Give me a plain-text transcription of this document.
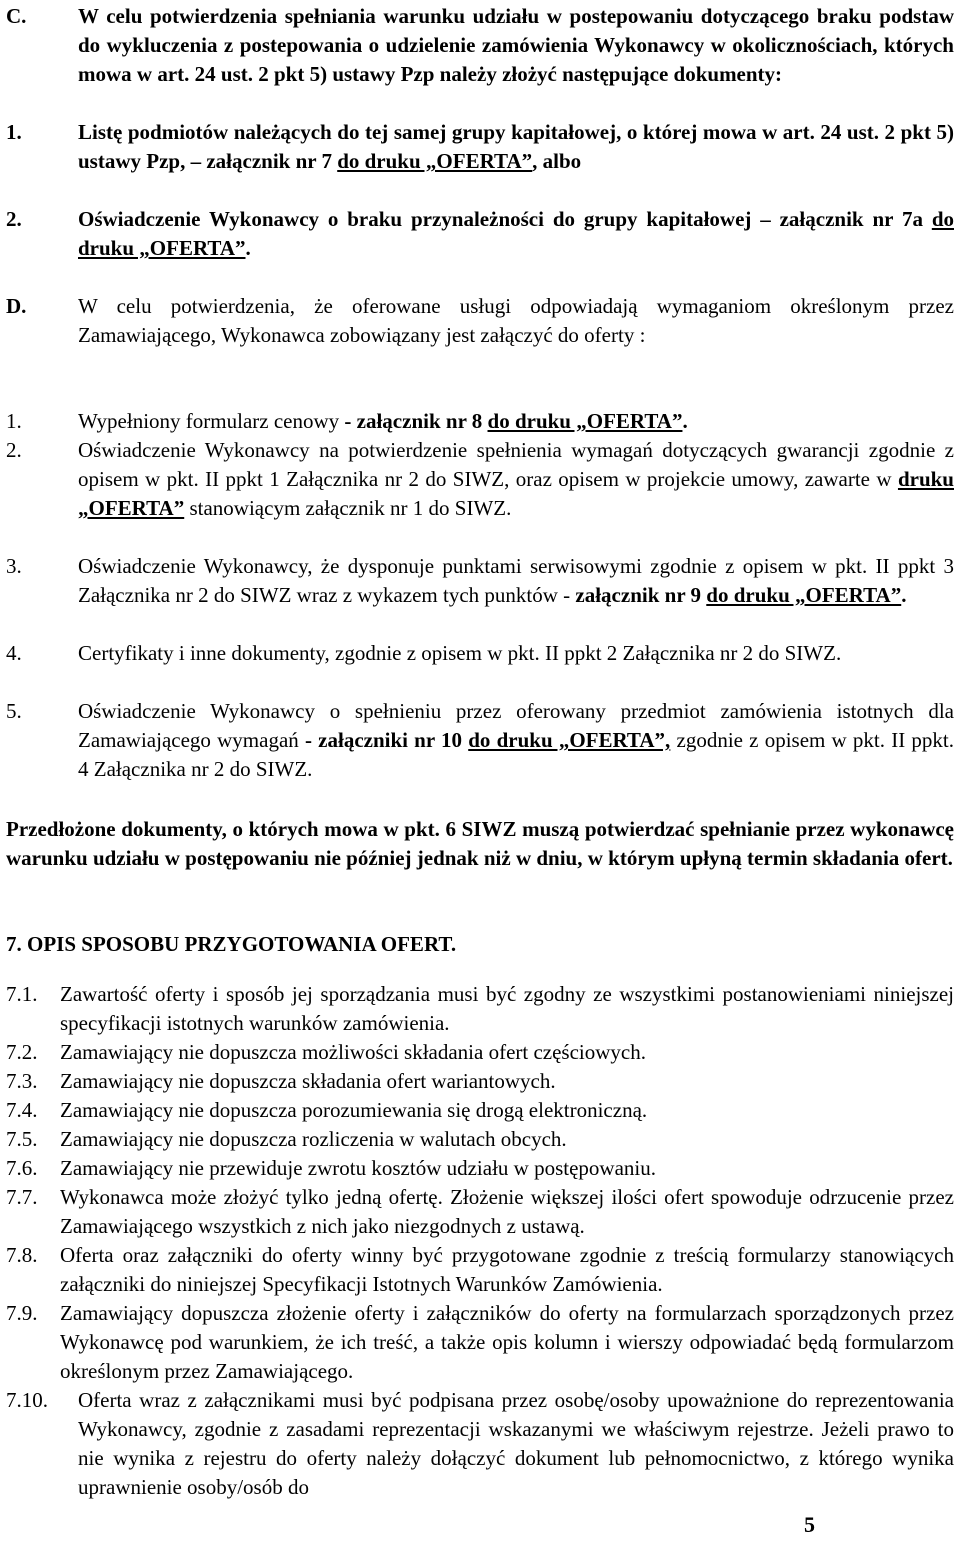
C. W celu potwierdzenia spełniania warunku udziału w postepowaniu dotyczącego braku podstaw do wykluczenia z postepowania o udzielenie zamówienia Wykonawcy w okolicznościach, których mowa w art. 24 ust. 2 pkt 5) ustawy Pzp należy złożyć następujące dokumenty:
1.	Listę podmiotów należących do tej samej grupy kapitałowej, o której mowa w art. 24 ust. 2 pkt 5) ustawy Pzp, – załącznik nr 7 do druku „OFERTA”, albo
2.	Oświadczenie Wykonawcy o braku przynależności do grupy kapitałowej – załącznik nr 7a do druku „OFERTA”.
D. W celu potwierdzenia, że oferowane usługi odpowiadają wymaganiom określonym przez Zamawiającego, Wykonawca zobowiązany jest załączyć do oferty :
1.	Wypełniony formularz cenowy - załącznik nr 8 do druku „OFERTA”.
2.	Oświadczenie Wykonawcy na potwierdzenie spełnienia wymagań dotyczących gwarancji zgodnie z opisem w pkt. II ppkt 1 Załącznika nr 2 do SIWZ, oraz opisem w projekcie umowy, zawarte w druku „OFERTA” stanowiącym załącznik nr 1 do SIWZ.
3.	Oświadczenie Wykonawcy, że dysponuje punktami serwisowymi zgodnie z opisem w pkt. II ppkt 3 Załącznika nr 2 do SIWZ wraz z wykazem tych punktów - załącznik nr 9 do druku „OFERTA”.
4.	Certyfikaty i inne dokumenty, zgodnie z opisem w pkt. II ppkt 2 Załącznika nr 2 do SIWZ.
5.	Oświadczenie Wykonawcy o spełnieniu przez oferowany przedmiot zamówienia istotnych dla Zamawiającego wymagań - załączniki nr 10 do druku „OFERTA”, zgodnie z opisem w pkt. II ppkt. 4 Załącznika nr 2 do SIWZ.
Przedłożone dokumenty, o których mowa w pkt. 6 SIWZ muszą potwierdzać spełnianie przez wykonawcę warunku udziału w postępowaniu nie później jednak niż w dniu, w którym upłyną termin składania ofert.
7. OPIS SPOSOBU PRZYGOTOWANIA OFERT.
7.1. Zawartość oferty i sposób jej sporządzania musi być zgodny ze wszystkimi postanowieniami niniejszej specyfikacji istotnych warunków zamówienia.
7.2. Zamawiający nie dopuszcza możliwości składania ofert częściowych.
7.3. Zamawiający nie dopuszcza składania ofert wariantowych.
7.4. Zamawiający nie dopuszcza porozumiewania się drogą elektroniczną.
7.5. Zamawiający nie dopuszcza rozliczenia w walutach obcych.
7.6. Zamawiający nie przewiduje zwrotu kosztów udziału w postępowaniu.
7.7. Wykonawca może złożyć tylko jedną ofertę. Złożenie większej ilości ofert spowoduje odrzucenie przez Zamawiającego wszystkich z nich jako niezgodnych z ustawą.
7.8. Oferta oraz załączniki do oferty winny być przygotowane zgodnie z treścią formularzy stanowiących załączniki do niniejszej Specyfikacji Istotnych Warunków Zamówienia.
7.9. Zamawiający dopuszcza złożenie oferty i załączników do oferty na formularzach sporządzonych przez Wykonawcę pod warunkiem, że ich treść, a także opis kolumn i wierszy odpowiadać będą formularzom określonym przez Zamawiającego.
7.10. Oferta wraz z załącznikami musi być podpisana przez osobę/osoby upoważnione do reprezentowania Wykonawcy, zgodnie z zasadami reprezentacji wskazanymi we właściwym rejestrze. Jeżeli prawo to nie wynika z rejestru do oferty należy dołączyć dokument lub pełnomocnictwo, z którego wynika uprawnienie osoby/osób do
5
